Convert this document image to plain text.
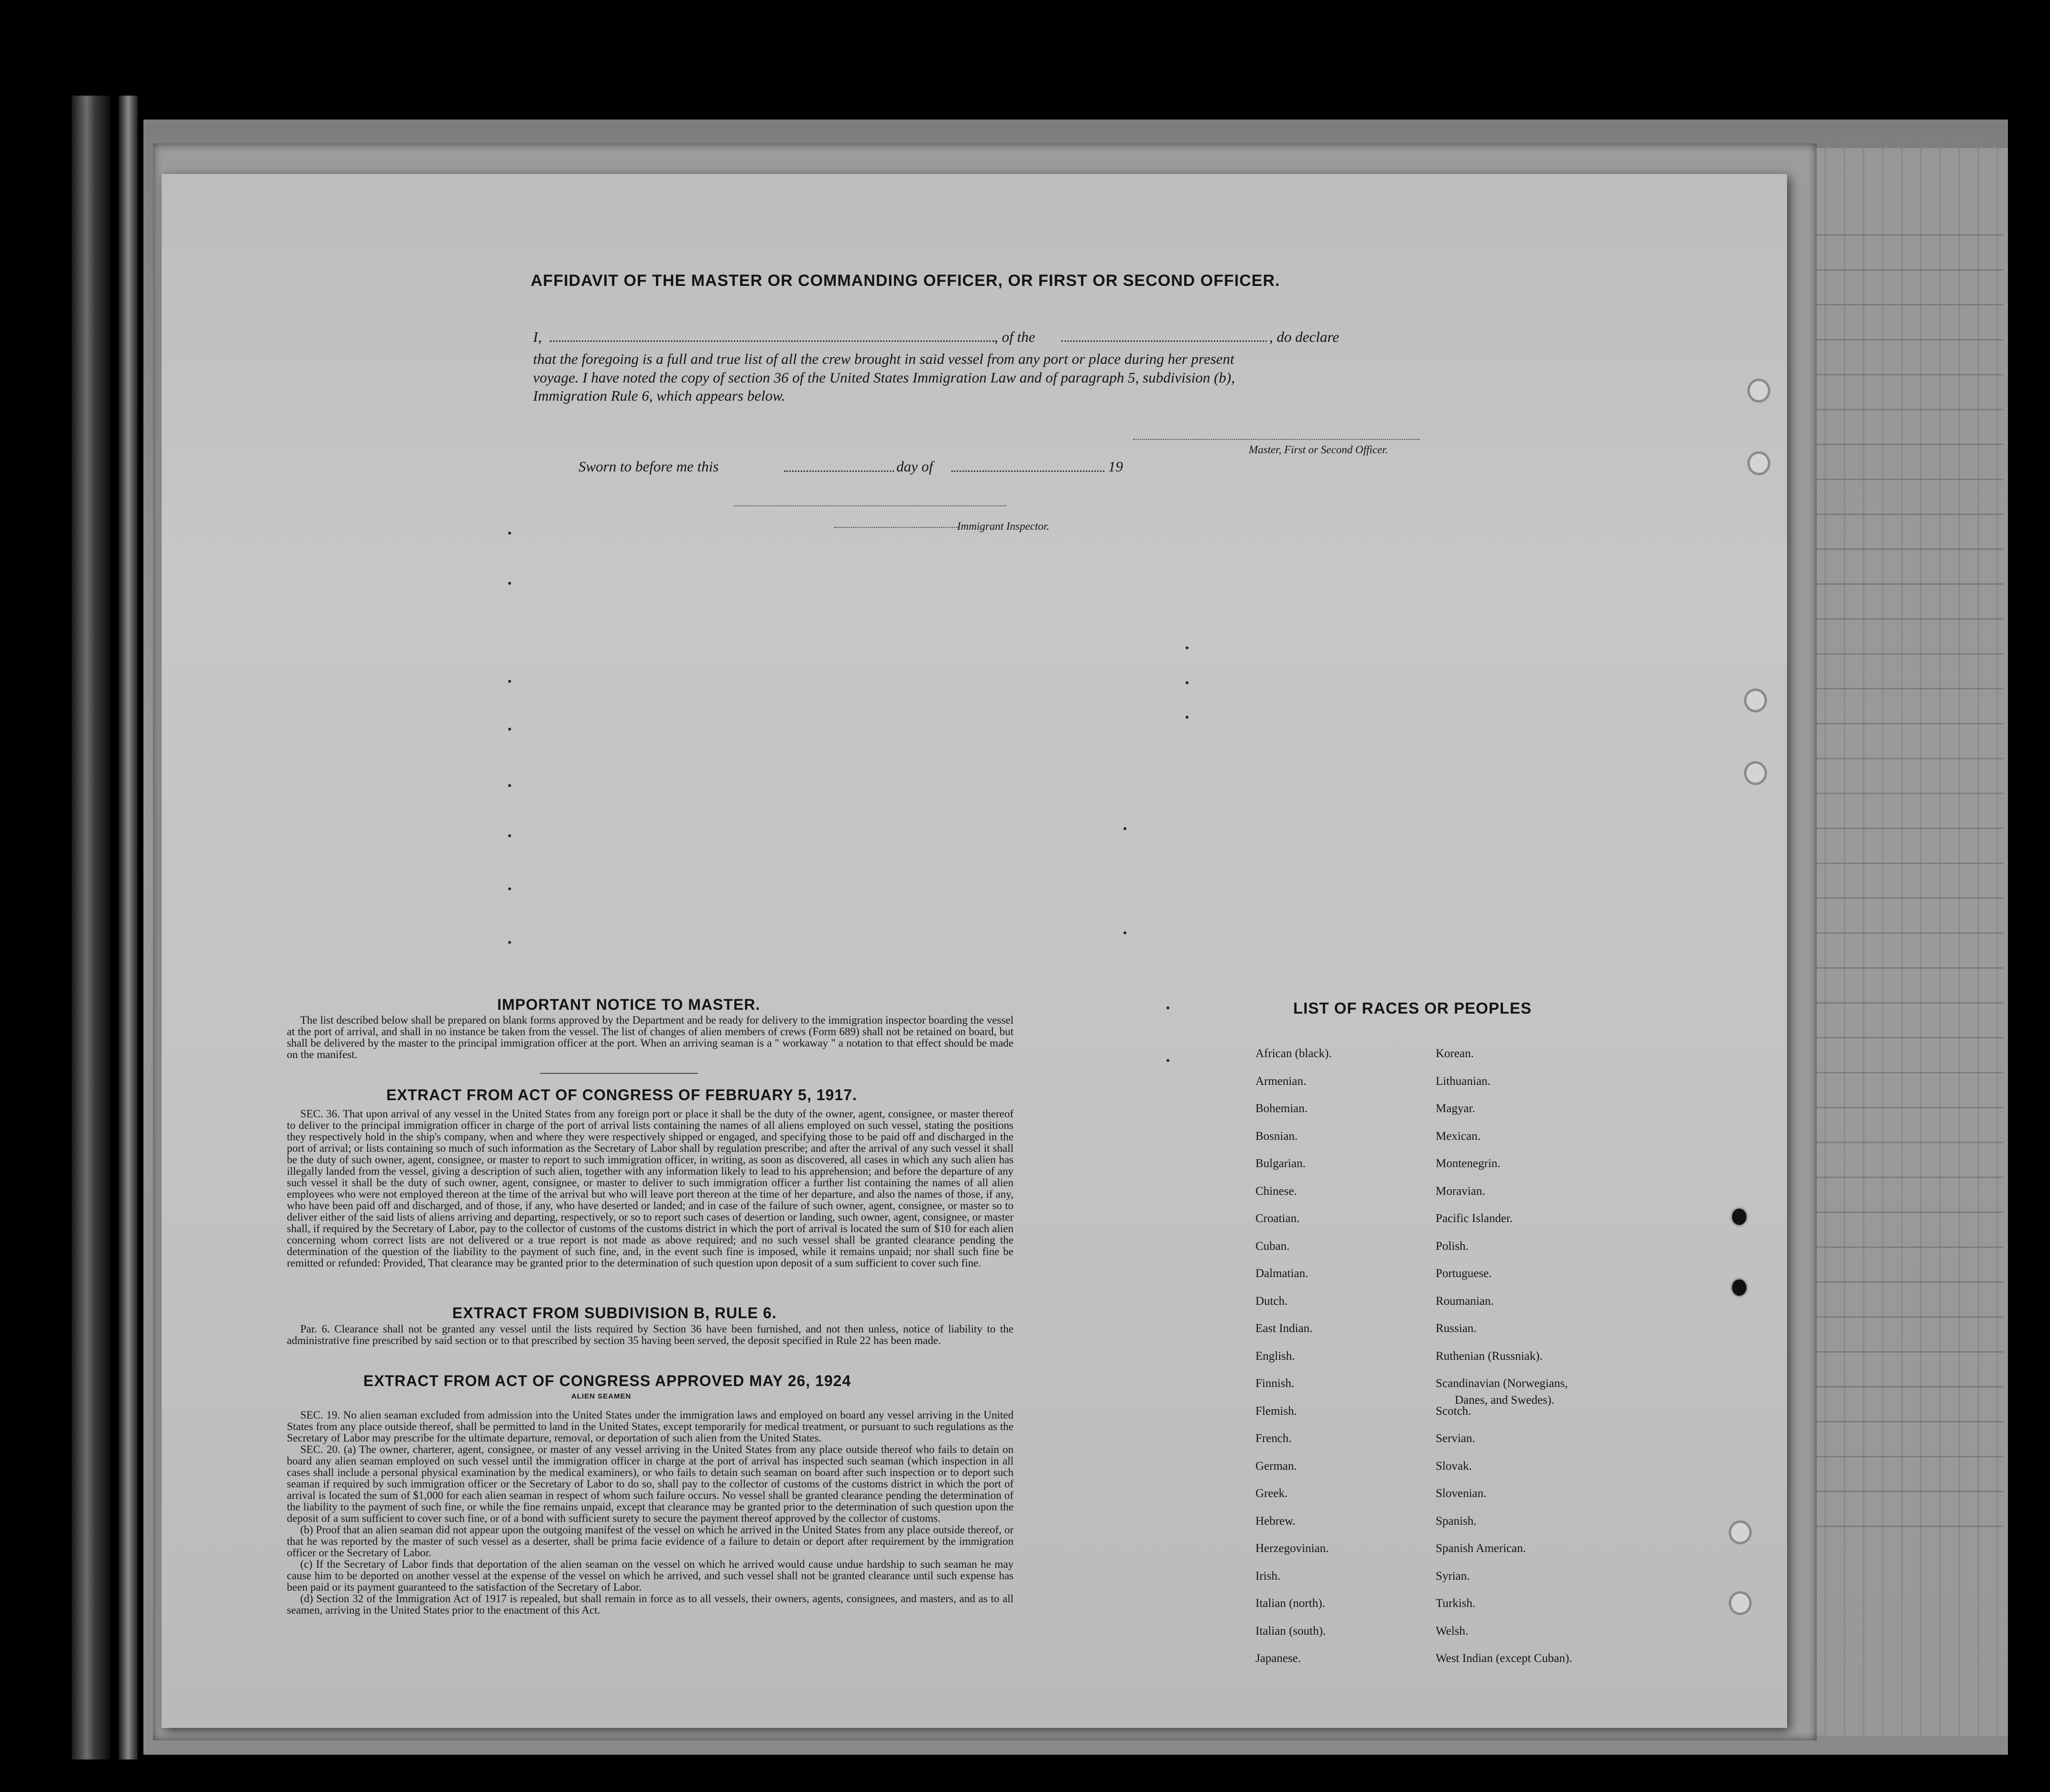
AFFIDAVIT OF THE MASTER OR COMMANDING OFFICER, OR FIRST OR SECOND OFFICER.
I,	, of the	, do declare
that the foregoing is a full and true list of all the crew brought in said vessel from any port or place during her present
voyage. I have noted the copy of section 36 of the United States Immigration Law and of paragraph 5, subdivision (b),
Immigration Rule 6, which appears below.
Master, First or Second Officer.
Sworn to before me this	day of	19
Immigrant Inspector.
IMPORTANT NOTICE TO MASTER.

The list described below shall be prepared on blank forms approved by the Department and be ready for delivery to the immigration inspector boarding the vessel at the port of arrival, and shall in no instance be taken from the vessel. The list of changes of alien members of crews (Form 689) shall not be retained on board, but shall be delivered by the master to the principal immigration officer at the port. When an arriving seaman is a " workaway " a notation to that effect should be made on the manifest.

EXTRACT FROM ACT OF CONGRESS OF FEBRUARY 5, 1917.

SEC. 36. That upon arrival of any vessel in the United States from any foreign port or place it shall be the duty of the owner, agent, consignee, or master thereof to deliver to the principal immigration officer in charge of the port of arrival lists containing the names of all aliens employed on such vessel, stating the positions they respectively hold in the ship's company, when and where they were respectively shipped or engaged, and specifying those to be paid off and discharged in the port of arrival; or lists containing so much of such information as the Secretary of Labor shall by regulation prescribe; and after the arrival of any such vessel it shall be the duty of such owner, agent, consignee, or master to report to such immigration officer, in writing, as soon as discovered, all cases in which any such alien has illegally landed from the vessel, giving a description of such alien, together with any information likely to lead to his apprehension; and before the departure of any such vessel it shall be the duty of such owner, agent, consignee, or master to deliver to such immigration officer a further list containing the names of all alien employees who were not employed thereon at the time of the arrival but who will leave port thereon at the time of her departure, and also the names of those, if any, who have been paid off and discharged, and of those, if any, who have deserted or landed; and in case of the failure of such owner, agent, consignee, or master so to deliver either of the said lists of aliens arriving and departing, respectively, or so to report such cases of desertion or landing, such owner, agent, consignee, or master shall, if required by the Secretary of Labor, pay to the collector of customs of the customs district in which the port of arrival is located the sum of $10 for each alien concerning whom correct lists are not delivered or a true report is not made as above required; and no such vessel shall be granted clearance pending the determination of the question of the liability to the payment of such fine, and, in the event such fine is imposed, while it remains unpaid; nor shall such fine be remitted or refunded: Provided, That clearance may be granted prior to the determination of such question upon deposit of a sum sufficient to cover such fine.

EXTRACT FROM SUBDIVISION B, RULE 6.

Par. 6. Clearance shall not be granted any vessel until the lists required by Section 36 have been furnished, and not then unless, notice of liability to the administrative fine prescribed by said section or to that prescribed by section 35 having been served, the deposit specified in Rule 22 has been made.

EXTRACT FROM ACT OF CONGRESS APPROVED MAY 26, 1924
ALIEN SEAMEN

SEC. 19. No alien seaman excluded from admission into the United States under the immigration laws and employed on board any vessel arriving in the United States from any place outside thereof, shall be permitted to land in the United States, except temporarily for medical treatment, or pursuant to such regulations as the Secretary of Labor may prescribe for the ultimate departure, removal, or deportation of such alien from the United States.

SEC. 20. (a) The owner, charterer, agent, consignee, or master of any vessel arriving in the United States from any place outside thereof who fails to detain on board any alien seaman employed on such vessel until the immigration officer in charge at the port of arrival has inspected such seaman (which inspection in all cases shall include a personal physical examination by the medical examiners), or who fails to detain such seaman on board after such inspection or to deport such seaman if required by such immigration officer or the Secretary of Labor to do so, shall pay to the collector of customs of the customs district in which the port of arrival is located the sum of $1,000 for each alien seaman in respect of whom such failure occurs. No vessel shall be granted clearance pending the determination of the liability to the payment of such fine, or while the fine remains unpaid, except that clearance may be granted prior to the determination of such question upon the deposit of a sum sufficient to cover such fine, or of a bond with sufficient surety to secure the payment thereof approved by the collector of customs.

(b) Proof that an alien seaman did not appear upon the outgoing manifest of the vessel on which he arrived in the United States from any place outside thereof, or that he was reported by the master of such vessel as a deserter, shall be prima facie evidence of a failure to detain or deport after requirement by the immigration officer or the Secretary of Labor.

(c) If the Secretary of Labor finds that deportation of the alien seaman on the vessel on which he arrived would cause undue hardship to such seaman he may cause him to be deported on another vessel at the expense of the vessel on which he arrived, and such vessel shall not be granted clearance until such expense has been paid or its payment guaranteed to the satisfaction of the Secretary of Labor.

(d) Section 32 of the Immigration Act of 1917 is repealed, but shall remain in force as to all vessels, their owners, agents, consignees, and masters, and as to all seamen, arriving in the United States prior to the enactment of this Act.

LIST OF RACES OR PEOPLES
African (black).
Armenian.
Bohemian.
Bosnian.
Bulgarian.
Chinese.
Croatian.
Cuban.
Dalmatian.
Dutch.
East Indian.
English.
Finnish.
Flemish.
French.
German.
Greek.
Hebrew.
Herzegovinian.
Irish.
Italian (north).
Italian (south).
Japanese.
Korean.
Lithuanian.
Magyar.
Mexican.
Montenegrin.
Moravian.
Pacific Islander.
Polish.
Portuguese.
Roumanian.
Russian.
Ruthenian (Russniak).
Scandinavian (Norwegians,
Scotch.
Servian.
Slovak.
Slovenian.
Spanish.
Spanish American.
Syrian.
Turkish.
Welsh.
West Indian (except Cuban).
Danes, and Swedes).
